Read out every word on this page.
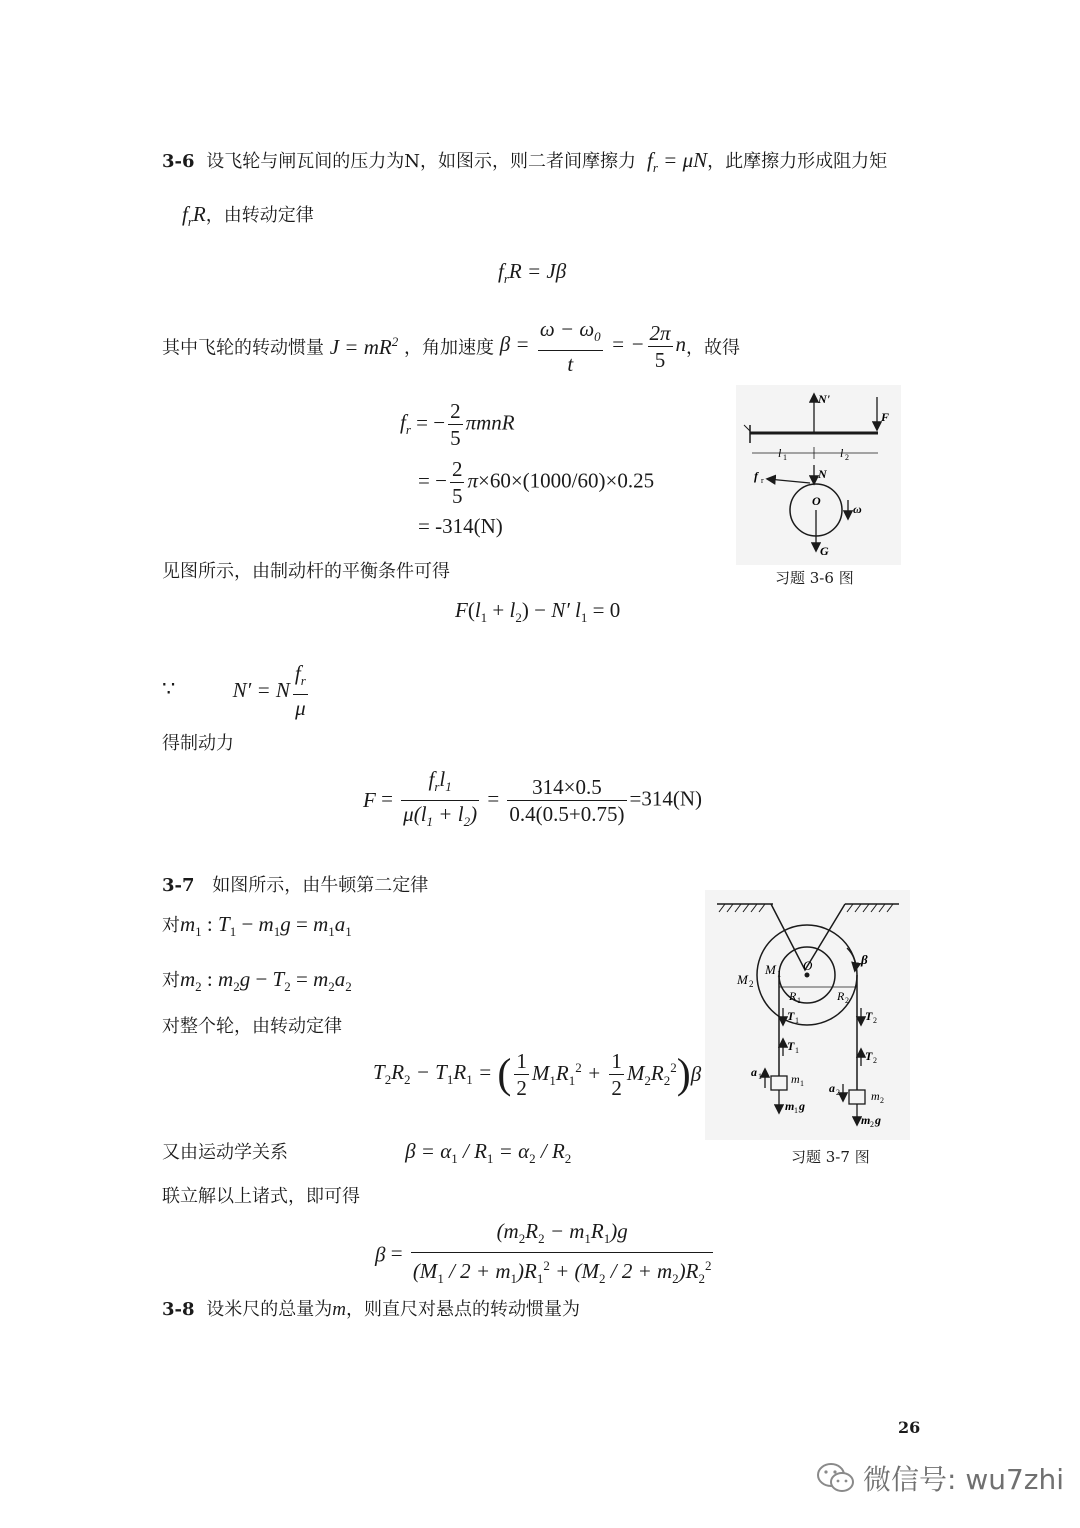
3-6 设飞轮与闸瓦间的压力为N，如图示，则二者间摩擦力  $f_r = \mu N$，此摩擦力形成阻力矩
$f_rR$，由转动定律
$f_rR = J\beta$
其中飞轮的转动惯量 $J = mR^2$ ，角加速度 $\beta = \frac{\omega - \omega_0}{t}$ = − $\frac{2\pi}{5}$ n，故得
$f_r$ = − $\frac{2}{5}$ πmnR
= − $\frac{2}{5} \pi\times 60\times(1000/60)\times 0.25$
= -314(N)
见图所示，由制动杆的平衡条件可得
$F(l_1 + l_2) - N'$ $l_1 = 0$
∵	N′ = N $\frac{f_r}{\mu}$
得制动力
$F = \frac{f_rl_1}{\mu(l_1 + l_2)} = \frac{314\times 0.5}{0.4(0.5+0.75)} =314(N)$
N'
F
l 1	l 2
N
f r
O
G
ω
习题 3-6 图
3-7 如图所示，由牛顿第二定律
对$m_1$ : $T_1 - m_1g = m_1a_1$
对$m_2$ : $m_2g - T_2 = m_2a_2$
对整个轮，由转动定律
$T_2R_2 - T_1R_1$ = ( $\frac{1}{2} M_1R_1^2 + \frac{1}{2} M_2R_2^2)\beta$
又由运动学关系	$\beta = \alpha_1 / R_1 = \alpha_2 / R_2$
联立解以上诸式，即可得
$\beta = \frac{(m_2R_2 - m_1R_1)g}{(M_1 / 2 + m_1)R_1^2 + (M_2 / 2 + m_2)R_2^2}$
O
M 2
M 1
β
R 1	R 2
T 1
T 1
T 2
T 2
m 1
m 2
a 1
a 2
m 1 g
m 2 g
习题 3-7 图
3-8 设米尺的总量为m，则直尺对悬点的转动惯量为
26
微信号: wu7zhi
